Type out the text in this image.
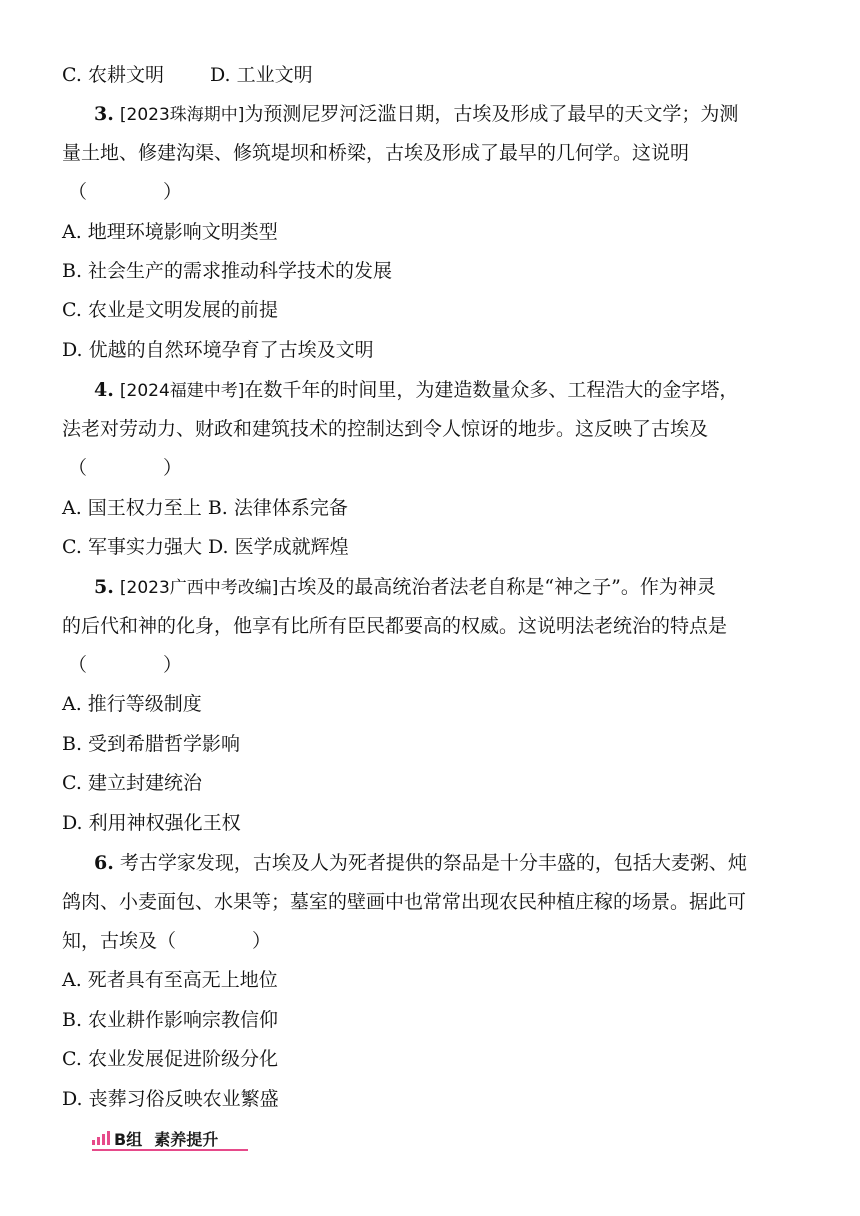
C. 农耕文明 D. 工业文明
3. [2023珠海期中]为预测尼罗河泛滥日期，古埃及形成了最早的天文学；为测
量土地、修建沟渠、修筑堤坝和桥梁，古埃及形成了最早的几何学。这说明
（　　　　）
A. 地理环境影响文明类型
B. 社会生产的需求推动科学技术的发展
C. 农业是文明发展的前提
D. 优越的自然环境孕育了古埃及文明
4. [2024福建中考]在数千年的时间里，为建造数量众多、工程浩大的金字塔，
法老对劳动力、财政和建筑技术的控制达到令人惊讶的地步。这反映了古埃及
（　　　　）
A. 国王权力至上 B. 法律体系完备
C. 军事实力强大 D. 医学成就辉煌
5. [2023广西中考改编]古埃及的最高统治者法老自称是“神之子”。作为神灵
的后代和神的化身，他享有比所有臣民都要高的权威。这说明法老统治的特点是
（　　　　）
A. 推行等级制度
B. 受到希腊哲学影响
C. 建立封建统治
D. 利用神权强化王权
6. 考古学家发现，古埃及人为死者提供的祭品是十分丰盛的，包括大麦粥、炖
鸽肉、小麦面包、水果等；墓室的壁画中也常常出现农民种植庄稼的场景。据此可
知，古埃及（　　　　）
A. 死者具有至高无上地位
B. 农业耕作影响宗教信仰
C. 农业发展促进阶级分化
D. 丧葬习俗反映农业繁盛
B组 素养提升
